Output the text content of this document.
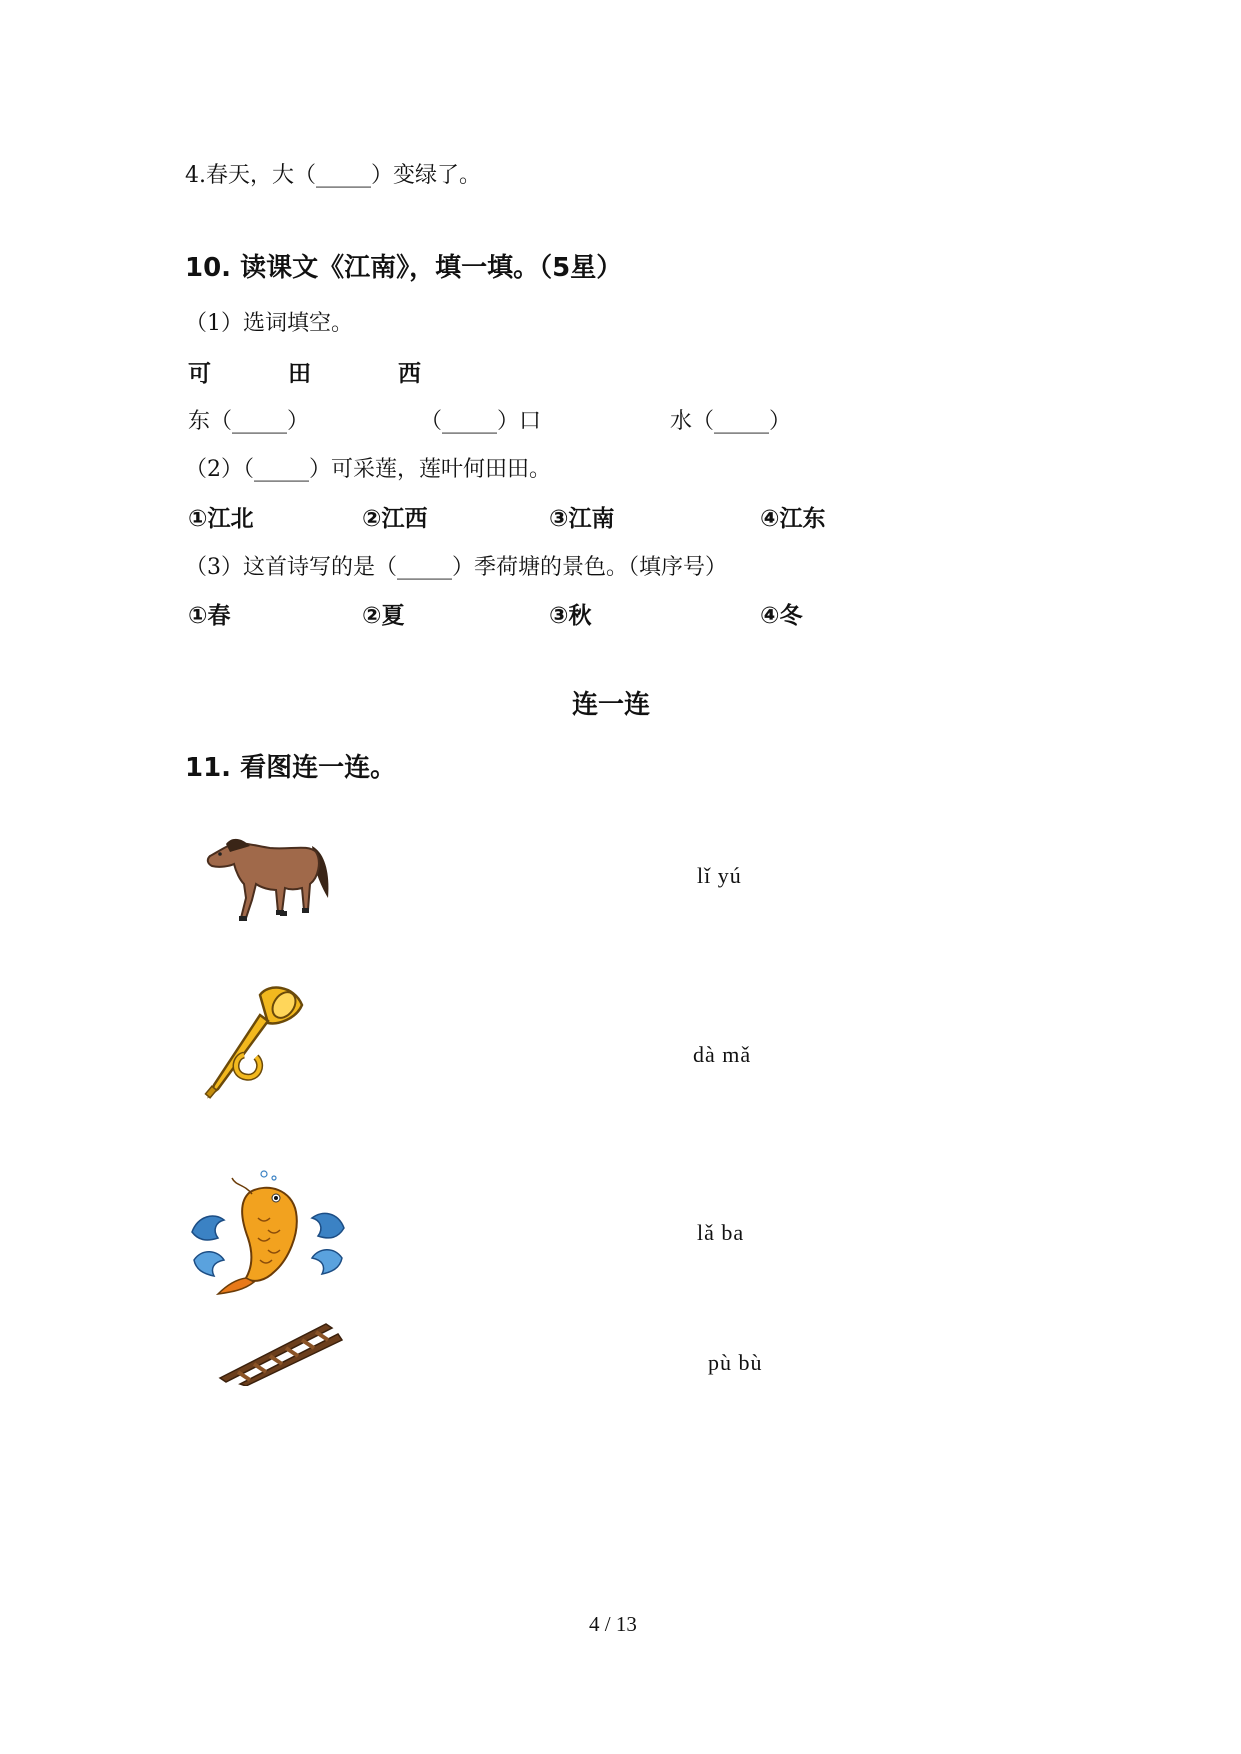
4.春天，大（_____）变绿了。
10. 读课文《江南》，填一填。（5星）
（1）选词填空。
可	田	西
东（_____）	（_____）口	水（_____）
（2）（_____）可采莲，莲叶何田田。
①江北	②江西	③江南	④江东
（3）这首诗写的是（_____）季荷塘的景色。（填序号）
①春	②夏	③秋	④冬
连一连
11. 看图连一连。
lǐ yú
dà mǎ
lǎ ba
pù bù
4 / 13
